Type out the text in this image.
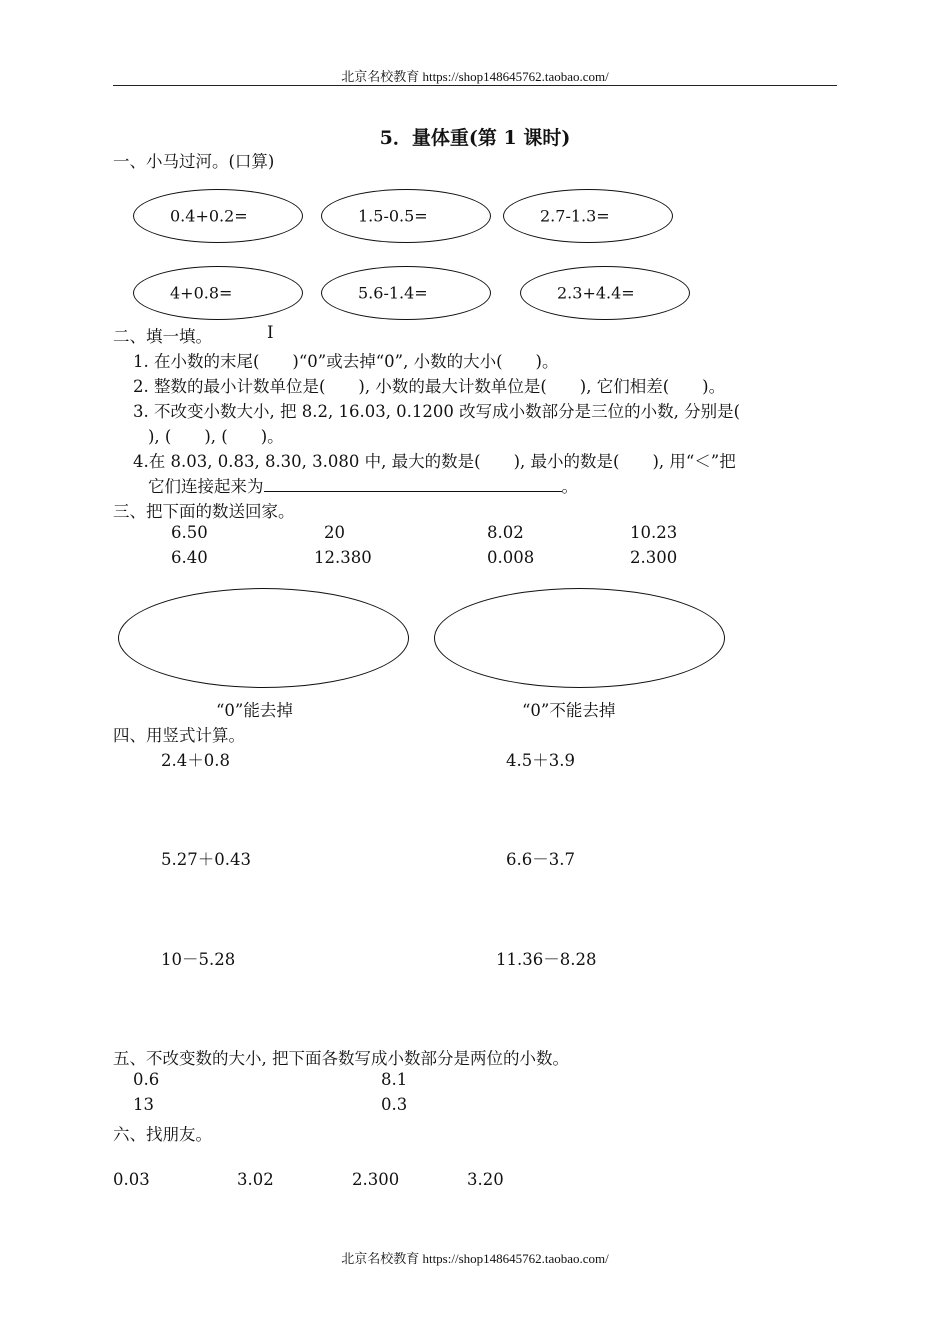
北京名校教育 https://shop148645762.taobao.com/
5．量体重(第 1 课时)
一、小马过河。(口算)
0.4+0.2=	1.5-0.5=	2.7-1.3=
4+0.8=	5.6-1.4=	2.3+4.4=
二、填一填。	I
1. 在小数的末尾(　　)“0”或去掉“0”, 小数的大小(　　)。
2. 整数的最小计数单位是(　　), 小数的最大计数单位是(　　), 它们相差(　　)。
3. 不改变小数大小, 把 8.2, 16.03, 0.1200 改写成小数部分是三位的小数, 分别是(
), (　　), (　　)。
4.在 8.03, 0.83, 8.30, 3.080 中, 最大的数是(　　), 最小的数是(　　), 用“＜”把
它们连接起来为	。
三、把下面的数送回家。
6.50	20	8.02	10.23
6.40	12.380	0.008	2.300
“0”能去掉	“0”不能去掉
四、用竖式计算。
2.4＋0.8	4.5＋3.9
5.27＋0.43	6.6－3.7
10－5.28	11.36－8.28
五、不改变数的大小, 把下面各数写成小数部分是两位的小数。
0.6	8.1
13	0.3
六、找朋友。
0.03	3.02	2.300	3.20
北京名校教育 https://shop148645762.taobao.com/
